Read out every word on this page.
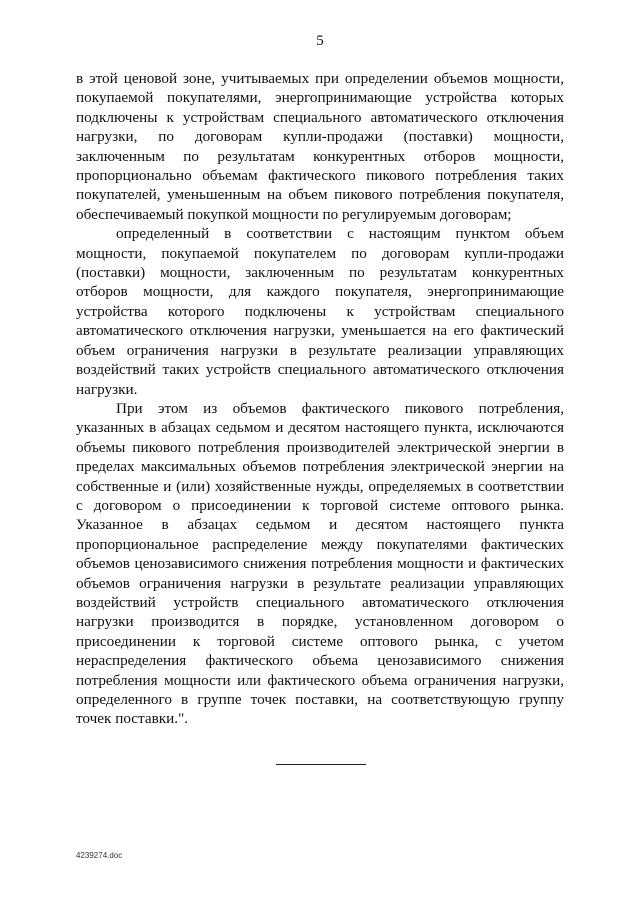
5

в этой ценовой зоне, учитываемых при определении объемов мощности, покупаемой покупателями, энергопринимающие устройства которых подключены к устройствам специального автоматического отключения нагрузки, по договорам купли-продажи (поставки) мощности, заключенным по результатам конкурентных отборов мощности, пропорционально объемам фактического пикового потребления таких покупателей, уменьшенным на объем пикового потребления покупателя, обеспечиваемый покупкой мощности по регулируемым договорам;

определенный в соответствии с настоящим пунктом объем мощности, покупаемой покупателем по договорам купли-продажи (поставки) мощности, заключенным по результатам конкурентных отборов мощности, для каждого покупателя, энергопринимающие устройства которого подключены к устройствам специального автоматического отключения нагрузки, уменьшается на его фактический объем ограничения нагрузки в результате реализации управляющих воздействий таких устройств специального автоматического отключения нагрузки.

При этом из объемов фактического пикового потребления, указанных в абзацах седьмом и десятом настоящего пункта, исключаются объемы пикового потребления производителей электрической энергии в пределах максимальных объемов потребления электрической энергии на собственные и (или) хозяйственные нужды, определяемых в соответствии с договором о присоединении к торговой системе оптового рынка. Указанное в абзацах седьмом и десятом настоящего пункта пропорциональное распределение между покупателями фактических объемов ценозависимого снижения потребления мощности и фактических объемов ограничения нагрузки в результате реализации управляющих воздействий устройств специального автоматического отключения нагрузки производится в порядке, установленном договором о присоединении к торговой системе оптового рынка, с учетом нераспределения фактического объема ценозависимого снижения потребления мощности или фактического объема ограничения нагрузки, определенного в группе точек поставки, на соответствующую группу точек поставки.".

4239274.doc
